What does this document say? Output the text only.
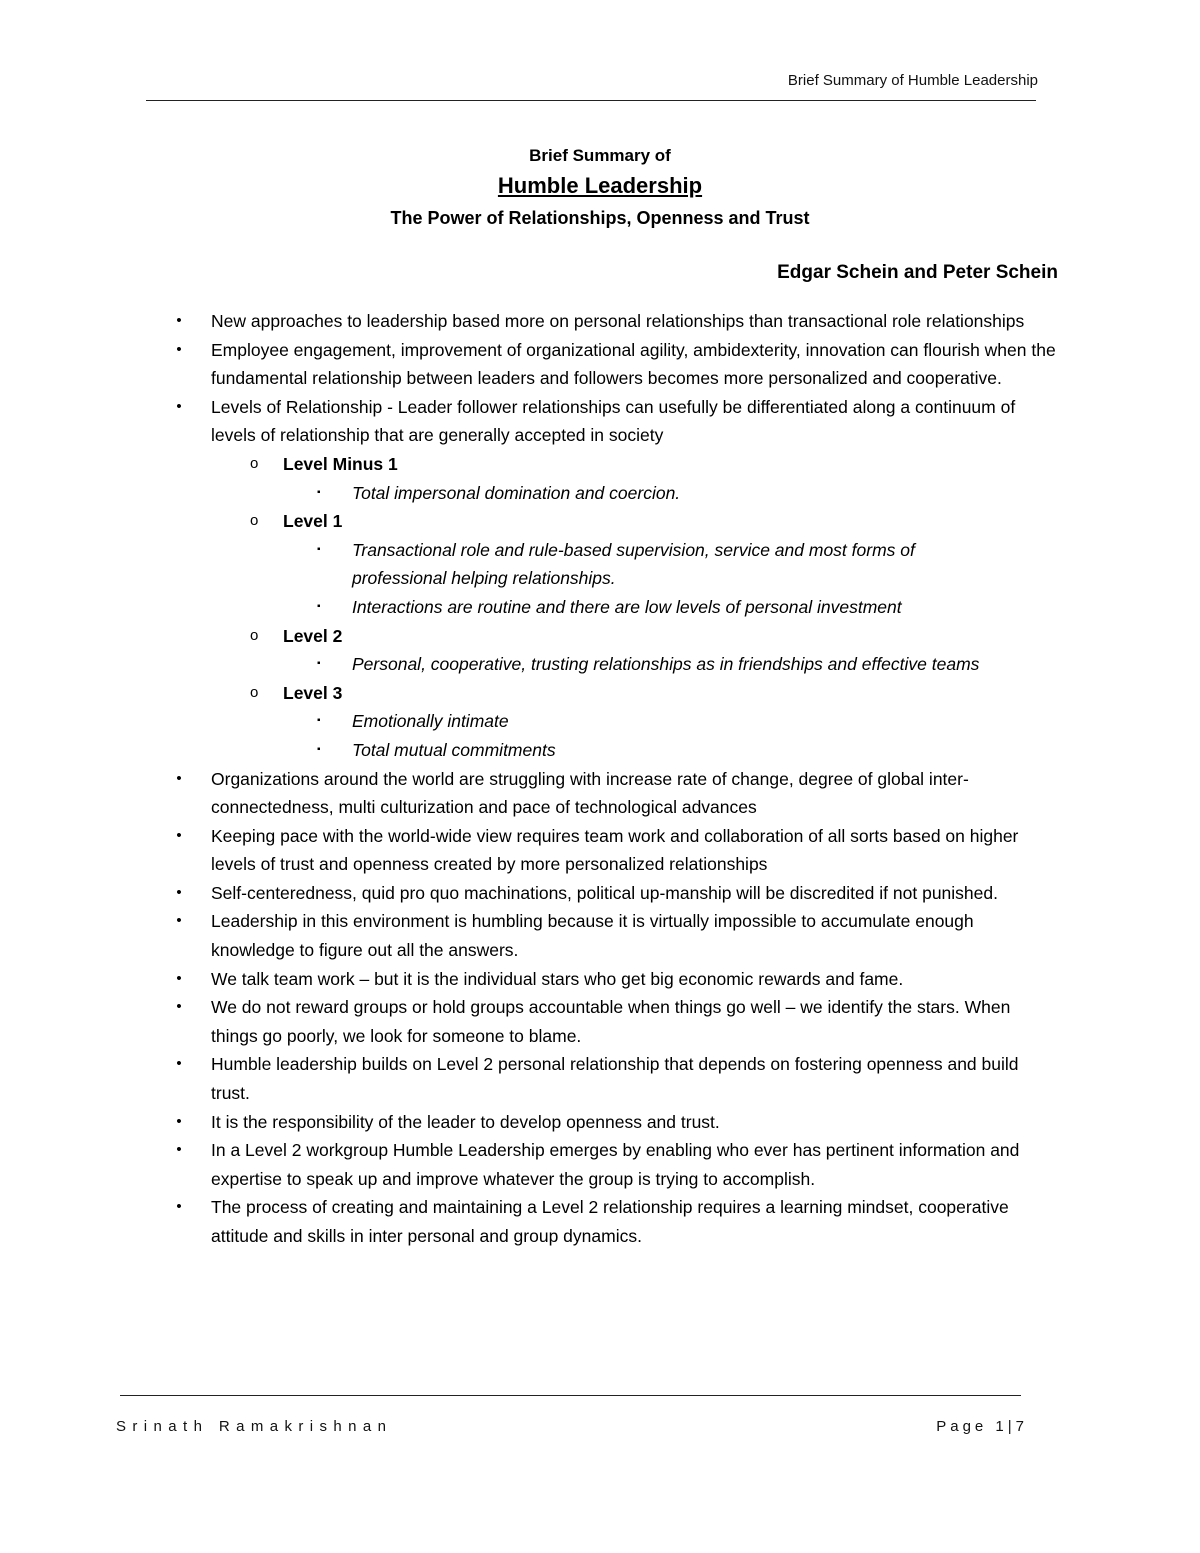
Brief Summary of Humble Leadership
Brief Summary of
Humble Leadership
The Power of Relationships, Openness and Trust
Edgar Schein and Peter Schein
• New approaches to leadership based more on personal relationships than transactional role relationships
• Employee engagement, improvement of organizational agility, ambidexterity, innovation can flourish when the fundamental relationship between leaders and followers becomes more personalized and cooperative.
• Levels of Relationship - Leader follower relationships can usefully be differentiated along a continuum of levels of relationship that are generally accepted in society
o Level Minus 1
▪ Total impersonal domination and coercion.
o Level 1
▪ Transactional role and rule-based supervision, service and most forms of professional helping relationships.
▪ Interactions are routine and there are low levels of personal investment
o Level 2
▪ Personal, cooperative, trusting relationships as in friendships and effective teams
o Level 3
▪ Emotionally intimate
▪ Total mutual commitments
• Organizations around the world are struggling with increase rate of change, degree of global inter-connectedness, multi culturization and pace of technological advances
• Keeping pace with the world-wide view requires team work and collaboration of all sorts based on higher levels of trust and openness created by more personalized relationships
• Self-centeredness, quid pro quo machinations, political up-manship will be discredited if not punished.
• Leadership in this environment is humbling because it is virtually impossible to accumulate enough knowledge to figure out all the answers.
• We talk team work – but it is the individual stars who get big economic rewards and fame.
• We do not reward groups or hold groups accountable when things go well – we identify the stars. When things go poorly, we look for someone to blame.
• Humble leadership builds on Level 2 personal relationship that depends on fostering openness and build trust.
• It is the responsibility of the leader to develop openness and trust.
• In a Level 2 workgroup Humble Leadership emerges by enabling who ever has pertinent information and expertise to speak up and improve whatever the group is trying to accomplish.
• The process of creating and maintaining a Level 2 relationship requires a learning mindset, cooperative attitude and skills in inter personal and group dynamics.
Srinath Ramakrishnan	Page 1|7
